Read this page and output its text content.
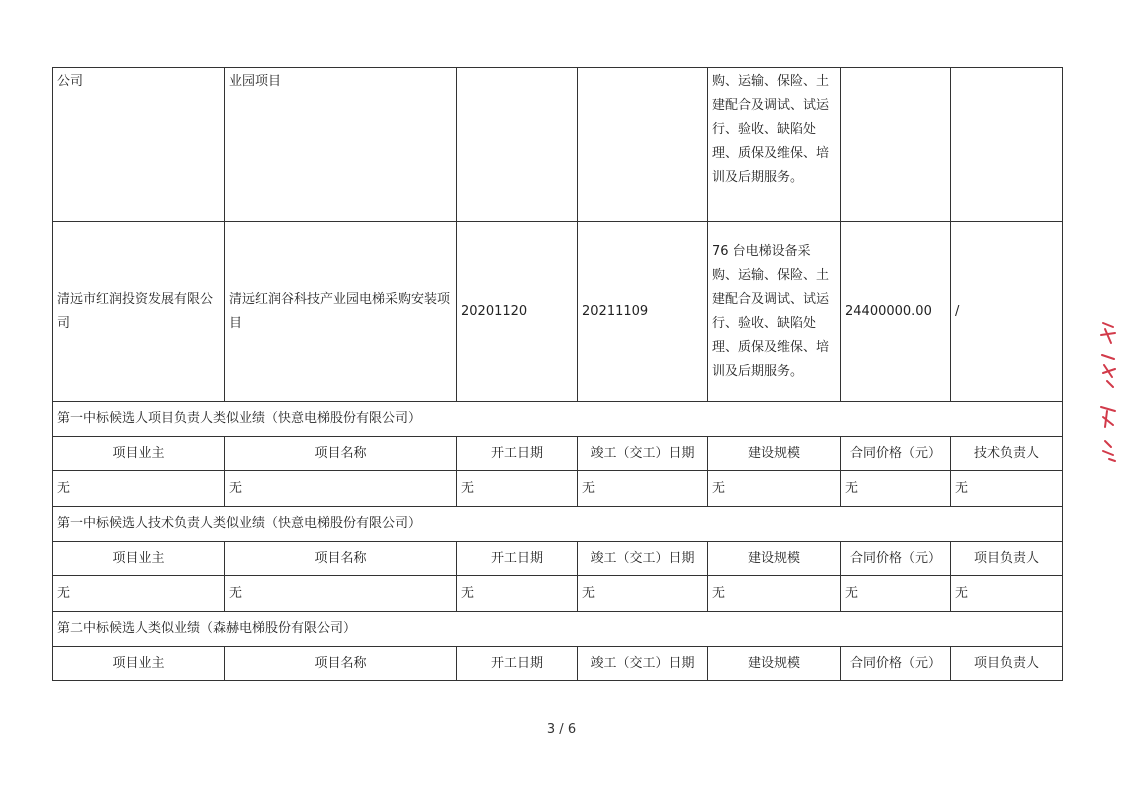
公司	业园项目			购、运输、保险、土建配合及调试、试运行、验收、缺陷处理、质保及维保、培训及后期服务。		
清远市红润投资发展有限公司	清远红润谷科技产业园电梯采购安装项目	20201120	20211109	76 台电梯设备采购、运输、保险、土建配合及调试、试运行、验收、缺陷处理、质保及维保、培训及后期服务。	24400000.00	/
第一中标候选人项目负责人类似业绩（快意电梯股份有限公司）						
项目业主	项目名称	开工日期	竣工（交工）日期	建设规模	合同价格（元）	技术负责人
无	无	无	无	无	无	无
第一中标候选人技术负责人类似业绩（快意电梯股份有限公司）						
项目业主	项目名称	开工日期	竣工（交工）日期	建设规模	合同价格（元）	项目负责人
无	无	无	无	无	无	无
第二中标候选人类似业绩（森赫电梯股份有限公司）						
项目业主	项目名称	开工日期	竣工（交工）日期	建设规模	合同价格（元）	项目负责人
3 / 6
